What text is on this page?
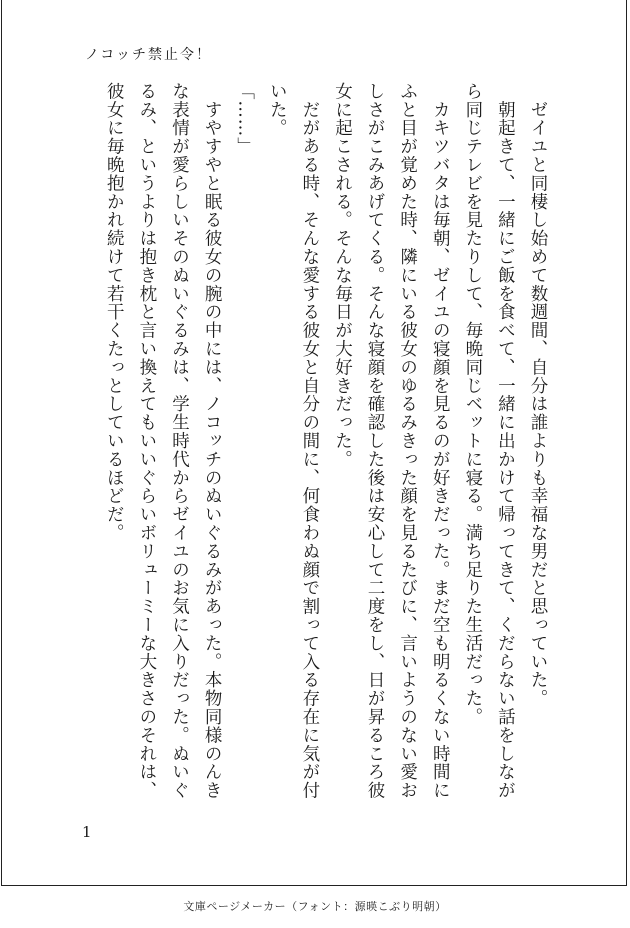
ノコッチ禁止令！

　ゼイユと同棲し始めて数週間、自分は誰よりも幸福な男だと思っていた。

　朝起きて、一緒にご飯を食べて、一緒に出かけて帰ってきて、くだらない話をしながら同じテレビを見たりして、毎晩同じベットに寝る。満ち足りた生活だった。

　カキツバタは毎朝、ゼイユの寝顔を見るのが好きだった。まだ空も明るくない時間にふと目が覚めた時、隣にいる彼女のゆるみきった顔を見るたびに、言いようのない愛おしさがこみあげてくる。そんな寝顔を確認した後は安心して二度をし、日が昇るころ彼女に起こされる。そんな毎日が大好きだった。

　だがある時、そんな愛する彼女と自分の間に、何食わぬ顔で割って入る存在に気が付いた。

「……」

　すやすやと眠る彼女の腕の中には、ノコッチのぬいぐるみがあった。本物同様のんきな表情が愛らしいそのぬいぐるみは、学生時代からゼイユのお気に入りだった。ぬいぐるみ、というよりは抱き枕と言い換えてもいいぐらいボリューミーな大きさのそれは、彼女に毎晩抱かれ続けて若干くたっとしているほどだ。

1
文庫ページメーカー（フォント：源暎こぶり明朝）
